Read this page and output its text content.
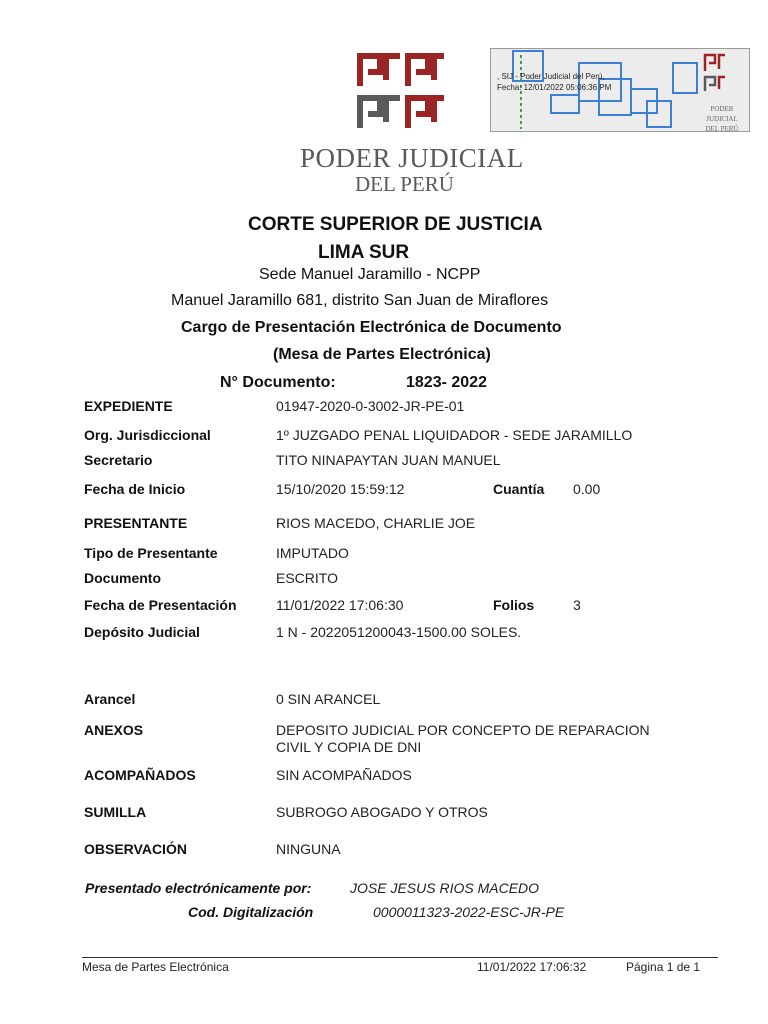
PODER JUDICIAL
DEL PERÚ
, SIJ - Poder Judicial del Perú,
Fecha: 12/01/2022 05:06:36 PM
PODER JUDICIAL
DEL PERÚ
CORTE SUPERIOR DE JUSTICIA
LIMA SUR
Sede Manuel Jaramillo - NCPP
Manuel Jaramillo 681, distrito San Juan de Miraflores
Cargo de Presentación Electrónica de Documento
(Mesa de Partes Electrónica)
N° Documento:	1823- 2022
EXPEDIENTE	01947-2020-0-3002-JR-PE-01
Org. Jurisdiccional	1º JUZGADO PENAL LIQUIDADOR - SEDE JARAMILLO
Secretario	TITO NINAPAYTAN JUAN MANUEL
Fecha de Inicio	15/10/2020 15:59:12	Cuantía 0.00
PRESENTANTE	RIOS MACEDO, CHARLIE JOE
Tipo de Presentante	IMPUTADO
Documento	ESCRITO
Fecha de Presentación	11/01/2022 17:06:30	Folios	3
Depósito Judicial	1 N - 2022051200043-1500.00 SOLES.
Arancel	0 SIN ARANCEL
ANEXOS	DEPOSITO JUDICIAL POR CONCEPTO DE REPARACION
CIVIL Y COPIA DE DNI
ACOMPAÑADOS	SIN ACOMPAÑADOS
SUMILLA	SUBROGO ABOGADO Y OTROS
OBSERVACIÓN	NINGUNA
Presentado electrónicamente por:	JOSE JESUS RIOS MACEDO
Cod. Digitalización	0000011323-2022-ESC-JR-PE
Mesa de Partes Electrónica	11/01/2022 17:06:32	Página 1 de 1
